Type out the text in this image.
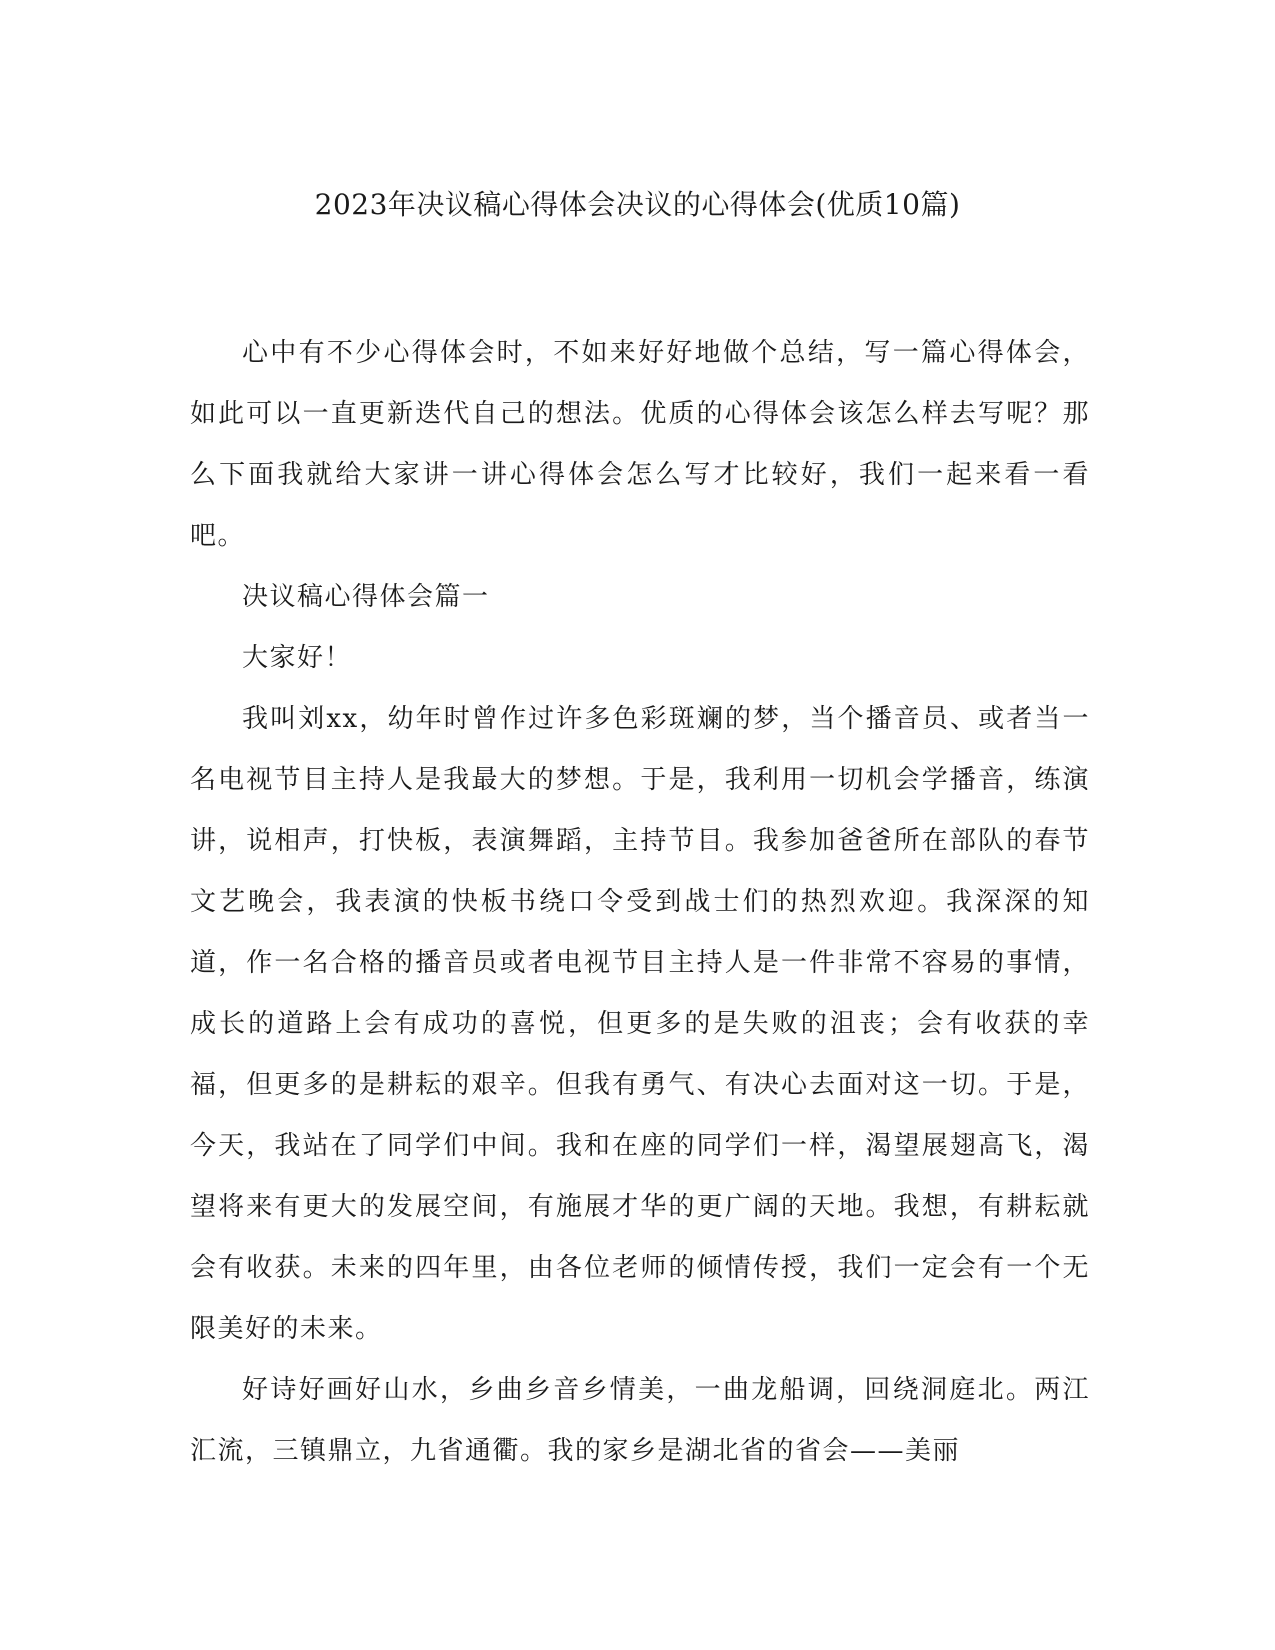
2023年决议稿心得体会决议的心得体会(优质10篇)

心中有不少心得体会时，不如来好好地做个总结，写一篇心得体会，如此可以一直更新迭代自己的想法。优质的心得体会该怎么样去写呢？那么下面我就给大家讲一讲心得体会怎么写才比较好，我们一起来看一看吧。

决议稿心得体会篇一

大家好！

我叫刘xx，幼年时曾作过许多色彩斑斓的梦，当个播音员、或者当一名电视节目主持人是我最大的梦想。于是，我利用一切机会学播音，练演讲，说相声，打快板，表演舞蹈，主持节目。我参加爸爸所在部队的春节文艺晚会，我表演的快板书绕口令受到战士们的热烈欢迎。我深深的知道，作一名合格的播音员或者电视节目主持人是一件非常不容易的事情，成长的道路上会有成功的喜悦，但更多的是失败的沮丧；会有收获的幸福，但更多的是耕耘的艰辛。但我有勇气、有决心去面对这一切。于是，今天，我站在了同学们中间。我和在座的同学们一样，渴望展翅高飞，渴望将来有更大的发展空间，有施展才华的更广阔的天地。我想，有耕耘就会有收获。未来的四年里，由各位老师的倾情传授，我们一定会有一个无限美好的未来。

好诗好画好山水，乡曲乡音乡情美，一曲龙船调，回绕洞庭北。两江汇流，三镇鼎立，九省通衢。我的家乡是湖北省的省会——美丽
